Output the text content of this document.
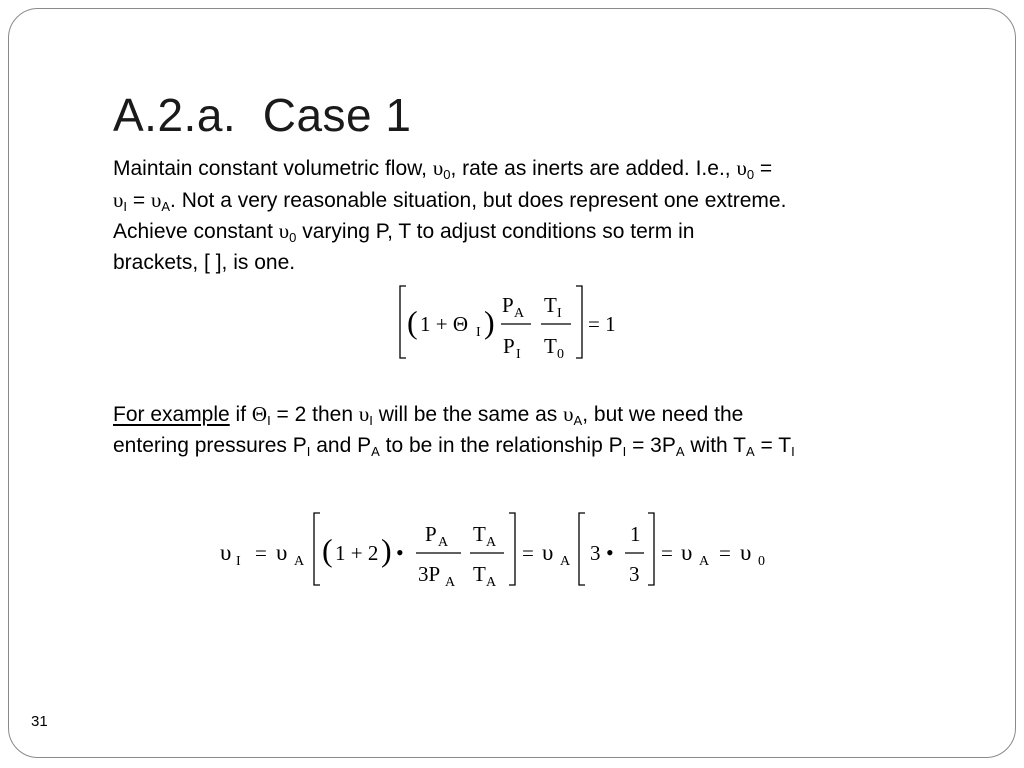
A.2.a.  Case 1
Maintain constant volumetric flow, $\upsilon_0$, rate as inerts are added. I.e., $\upsilon_0$ =
$\upsilon_I = \upsilon_A$. Not a very reasonable situation, but does represent one extreme.
Achieve constant $\upsilon_0$ varying P, T to adjust conditions so term in
brackets, [ ], is one.
( 1 + Θ I ) P A
P I
T I
T 0
= 1
For example if $\Theta_I = 2$ then $\upsilon_I$ will be the same as $\upsilon_A$, but we need the
entering pressures $P_I$ and $P_A$ to be in the relationship $P_I = 3P_A$ with $T_A = T_I$
υ I = υ A ( 1 + 2 ) •
P A
3P A
T A
T A
= υ A 3 •
1
3
= υ A = υ 0
31
